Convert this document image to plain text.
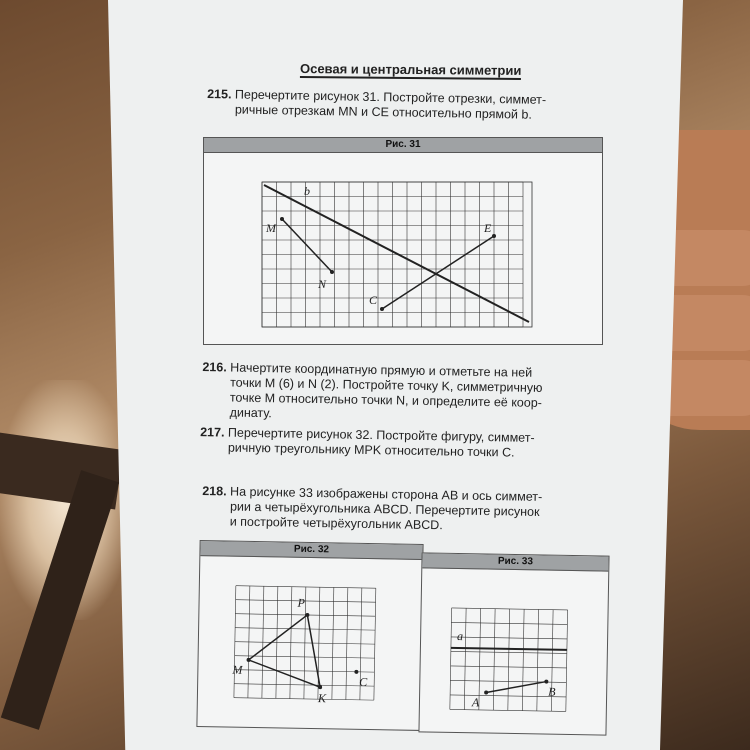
Осевая и центральная симметрии
215. Перечертите рисунок 31. Постройте отрезки, симмет-
ричные отрезкам MN и CE относительно прямой b.
Рис. 31
b
M
N
E
C
216. Начертите координатную прямую и отметьте на ней
точки M (6) и N (2). Постройте точку K, симметричную
точке M относительно точки N, и определите её коор-
динату.
217. Перечертите рисунок 32. Постройте фигуру, симмет-
ричную треугольнику MPK относительно точки C.
218. На рисунке 33 изображены сторона AB и ось симмет-
рии a четырёхугольника ABCD. Перечертите рисунок
и постройте четырёхугольник ABCD.
Рис. 32
P
M
K
C
Рис. 33
a
A
B
